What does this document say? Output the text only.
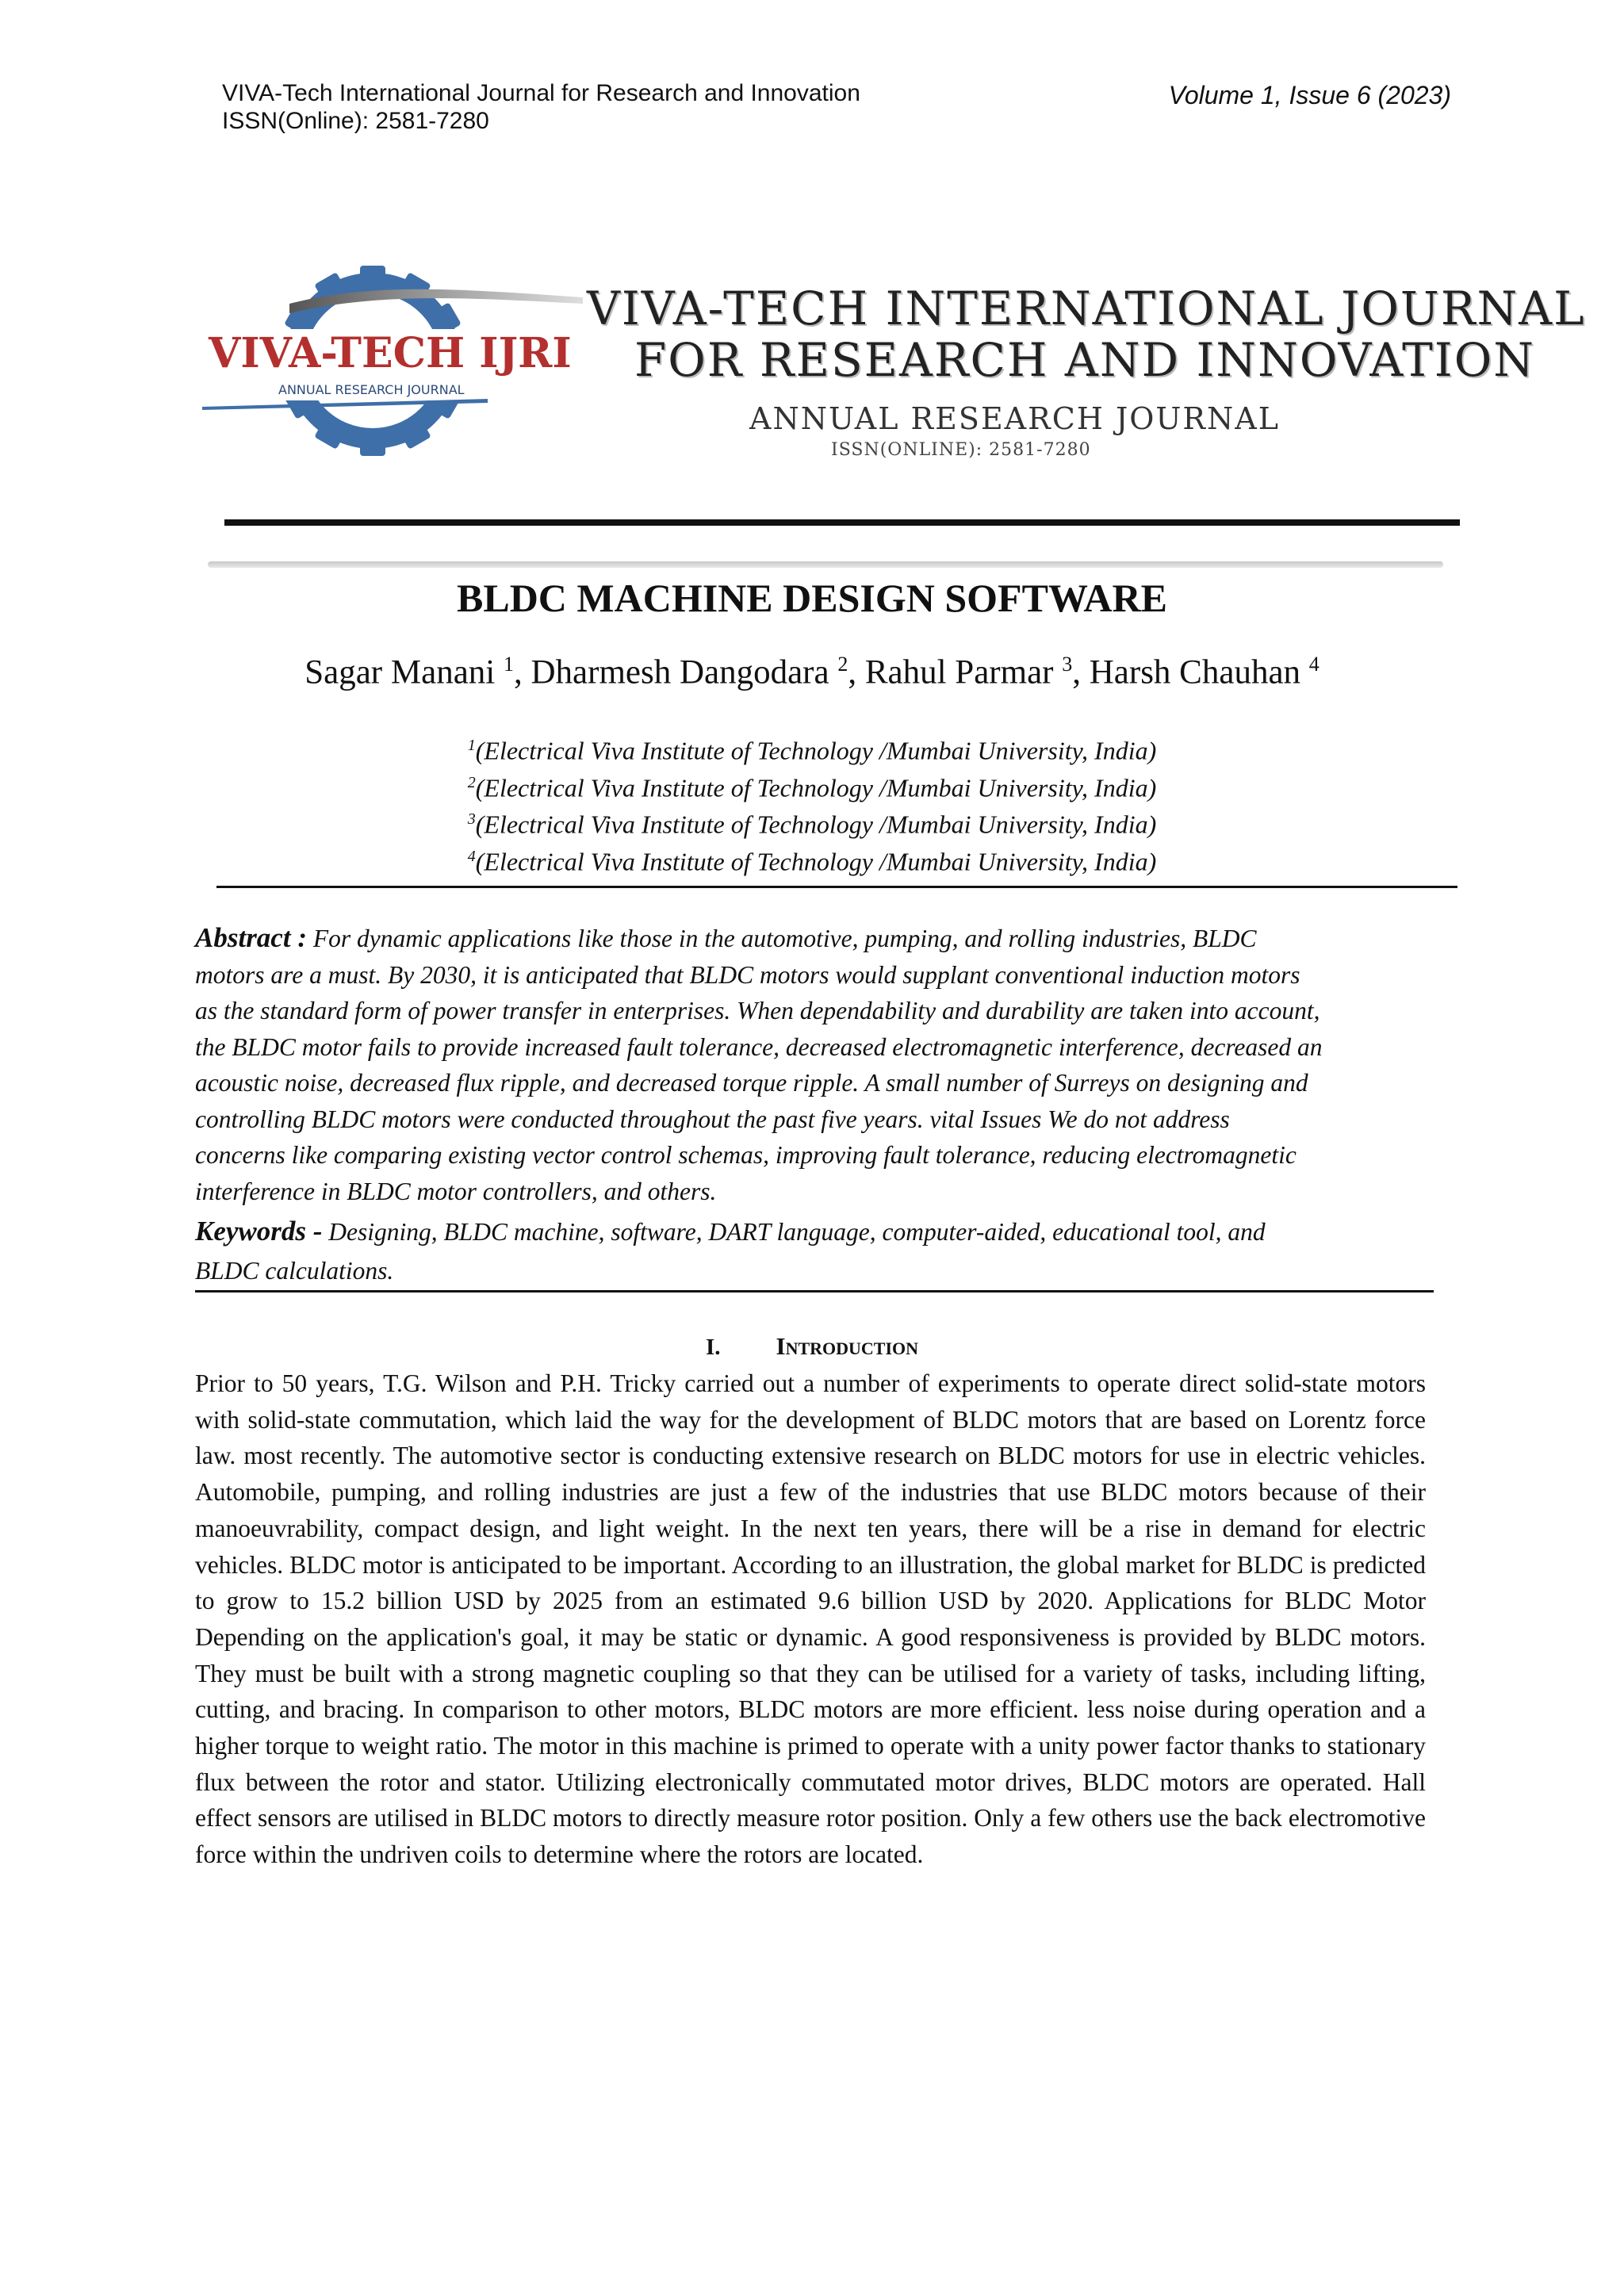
VIVA-Tech International Journal for Research and Innovation
ISSN(Online): 2581-7280
Volume 1, Issue 6 (2023)
VIVA-TECH IJRI
ANNUAL RESEARCH JOURNAL
VIVA-TECH INTERNATIONAL JOURNAL
FOR RESEARCH AND INNOVATION
ANNUAL RESEARCH JOURNAL
ISSN(ONLINE): 2581-7280
BLDC MACHINE DESIGN SOFTWARE
Sagar Manani $^1$, Dharmesh Dangodara $^2$, Rahul Parmar $^3$, Harsh Chauhan $^4$
$^1$(Electrical Viva Institute of Technology /Mumbai University, India)
$^2$(Electrical Viva Institute of Technology /Mumbai University, India)
$^3$(Electrical Viva Institute of Technology /Mumbai University, India)
$^4$(Electrical Viva Institute of Technology /Mumbai University, India)
Abstract : For dynamic applications like those in the automotive, pumping, and rolling industries, BLDC
motors are a must. By 2030, it is anticipated that BLDC motors would supplant conventional induction motors
as the standard form of power transfer in enterprises. When dependability and durability are taken into account,
the BLDC motor fails to provide increased fault tolerance, decreased electromagnetic interference, decreased an
acoustic noise, decreased flux ripple, and decreased torque ripple. A small number of Surreys on designing and
controlling BLDC motors were conducted throughout the past five years. vital Issues We do not address
concerns like comparing existing vector control schemas, improving fault tolerance, reducing electromagnetic
interference in BLDC motor controllers, and others.
Keywords - Designing, BLDC machine, software, DART language, computer-aided, educational tool, and
BLDC calculations.
I. Introduction
Prior to 50 years, T.G. Wilson and P.H. Tricky carried out a number of experiments to operate direct solid-state motors with solid-state commutation, which laid the way for the development of BLDC motors that are based on Lorentz force law. most recently. The automotive sector is conducting extensive research on BLDC motors for use in electric vehicles. Automobile, pumping, and rolling industries are just a few of the industries that use BLDC motors because of their manoeuvrability, compact design, and light weight. In the next ten years, there will be a rise in demand for electric vehicles. BLDC motor is anticipated to be important. According to an illustration, the global market for BLDC is predicted to grow to 15.2 billion USD by 2025 from an estimated 9.6 billion USD by 2020. Applications for BLDC Motor Depending on the application's goal, it may be static or dynamic. A good responsiveness is provided by BLDC motors. They must be built with a strong magnetic coupling so that they can be utilised for a variety of tasks, including lifting, cutting, and bracing. In comparison to other motors, BLDC motors are more efficient. less noise during operation and a higher torque to weight ratio. The motor in this machine is primed to operate with a unity power factor thanks to stationary flux between the rotor and stator. Utilizing electronically commutated motor drives, BLDC motors are operated. Hall effect sensors are utilised in BLDC motors to directly measure rotor position. Only a few others use the back electromotive force within the undriven coils to determine where the rotors are located.
